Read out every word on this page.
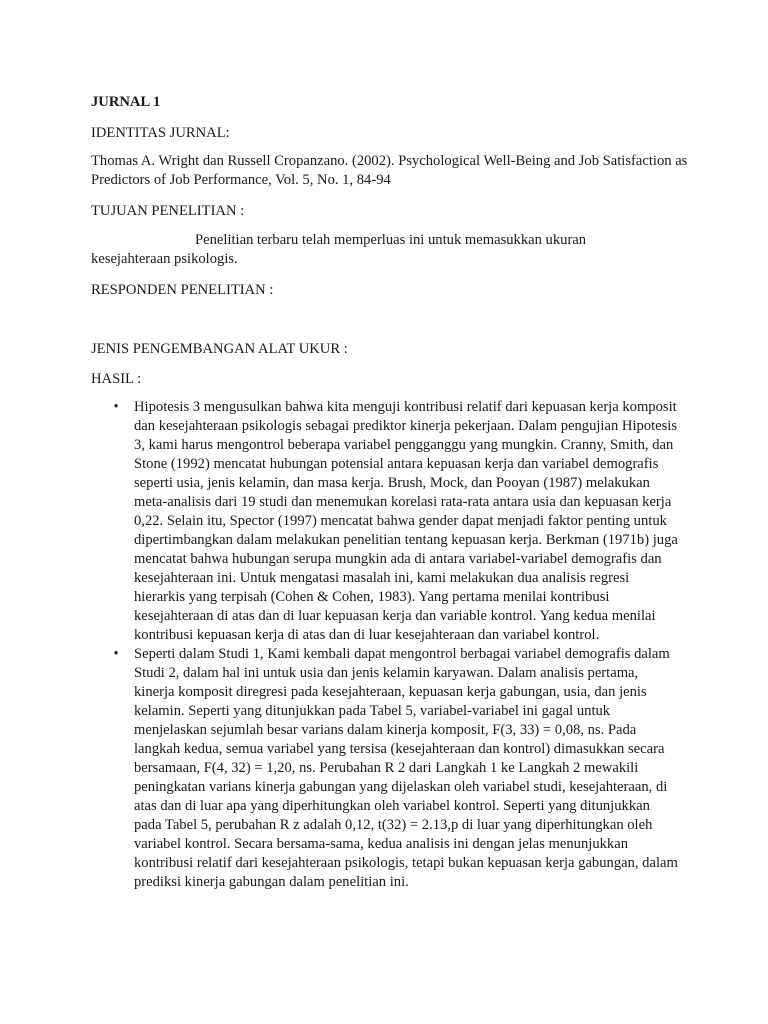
JURNAL 1

IDENTITAS JURNAL:

Thomas A. Wright dan Russell Cropanzano. (2002). Psychological Well-Being and Job Satisfaction as Predictors of Job Performance, Vol. 5, No. 1, 84-94

TUJUAN PENELITIAN :

Penelitian terbaru telah memperluas ini untuk memasukkan ukuran kesejahteraan psikologis.

RESPONDEN PENELITIAN :

JENIS PENGEMBANGAN ALAT UKUR :

HASIL :

• Hipotesis 3 mengusulkan bahwa kita menguji kontribusi relatif dari kepuasan kerja komposit dan kesejahteraan psikologis sebagai prediktor kinerja pekerjaan. Dalam pengujian Hipotesis 3, kami harus mengontrol beberapa variabel pengganggu yang mungkin. Cranny, Smith, dan Stone (1992) mencatat hubungan potensial antara kepuasan kerja dan variabel demografis seperti usia, jenis kelamin, dan masa kerja. Brush, Mock, dan Pooyan (1987) melakukan meta-analisis dari 19 studi dan menemukan korelasi rata-rata antara usia dan kepuasan kerja 0,22. Selain itu, Spector (1997) mencatat bahwa gender dapat menjadi faktor penting untuk dipertimbangkan dalam melakukan penelitian tentang kepuasan kerja. Berkman (1971b) juga mencatat bahwa hubungan serupa mungkin ada di antara variabel-variabel demografis dan kesejahteraan ini. Untuk mengatasi masalah ini, kami melakukan dua analisis regresi hierarkis yang terpisah (Cohen & Cohen, 1983). Yang pertama menilai kontribusi kesejahteraan di atas dan di luar kepuasan kerja dan variable kontrol. Yang kedua menilai kontribusi kepuasan kerja di atas dan di luar kesejahteraan dan variabel kontrol.
• Seperti dalam Studi 1, Kami kembali dapat mengontrol berbagai variabel demografis dalam Studi 2, dalam hal ini untuk usia dan jenis kelamin karyawan. Dalam analisis pertama, kinerja komposit diregresi pada kesejahteraan, kepuasan kerja gabungan, usia, dan jenis kelamin. Seperti yang ditunjukkan pada Tabel 5, variabel-variabel ini gagal untuk menjelaskan sejumlah besar varians dalam kinerja komposit, F(3, 33) = 0,08, ns. Pada langkah kedua, semua variabel yang tersisa (kesejahteraan dan kontrol) dimasukkan secara bersamaan, F(4, 32) = 1,20, ns. Perubahan R 2 dari Langkah 1 ke Langkah 2 mewakili peningkatan varians kinerja gabungan yang dijelaskan oleh variabel studi, kesejahteraan, di atas dan di luar apa yang diperhitungkan oleh variabel kontrol. Seperti yang ditunjukkan pada Tabel 5, perubahan R z adalah 0,12, t(32) = 2.13,p di luar yang diperhitungkan oleh variabel kontrol. Secara bersama-sama, kedua analisis ini dengan jelas menunjukkan kontribusi relatif dari kesejahteraan psikologis, tetapi bukan kepuasan kerja gabungan, dalam prediksi kinerja gabungan dalam penelitian ini.
